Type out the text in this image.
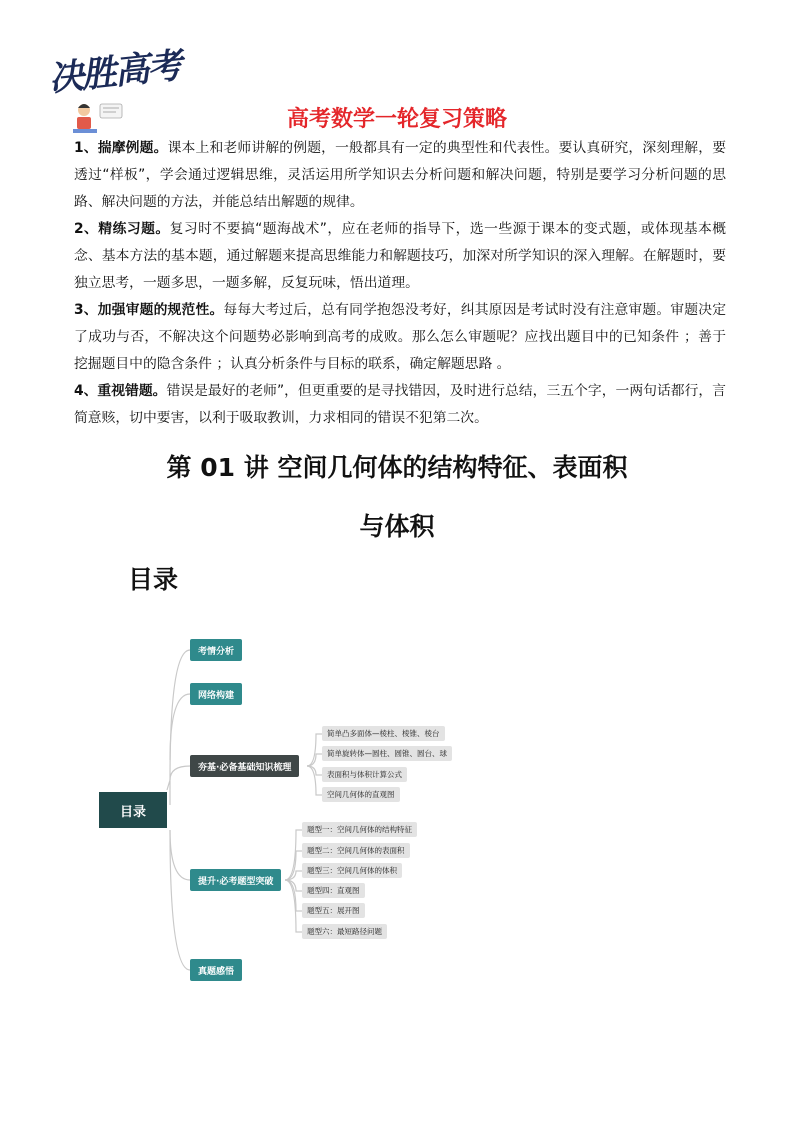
决胜高考
高考数学一轮复习策略

1、揣摩例题。课本上和老师讲解的例题，一般都具有一定的典型性和代表性。要认真研究，深刻理解，要透过“样板”，学会通过逻辑思维，灵活运用所学知识去分析问题和解决问题，特别是要学习分析问题的思路、解决问题的方法，并能总结出解题的规律。

2、精练习题。复习时不要搞“题海战术”，应在老师的指导下，选一些源于课本的变式题，或体现基本概念、基本方法的基本题，通过解题来提高思维能力和解题技巧，加深对所学知识的深入理解。在解题时，要独立思考，一题多思，一题多解，反复玩味，悟出道理。

3、加强审题的规范性。每每大考过后，总有同学抱怨没考好，纠其原因是考试时没有注意审题。审题决定了成功与否，不解决这个问题势必影响到高考的成败。那么怎么审题呢？应找出题目中的已知条件 ；善于挖掘题目中的隐含条件 ；认真分析条件与目标的联系，确定解题思路 。

4、重视错题。错误是最好的老师”，但更重要的是寻找错因，及时进行总结，三五个字，一两句话都行，言简意赅，切中要害，以利于吸取教训，力求相同的错误不犯第二次。

第 01 讲 空间几何体的结构特征、表面积
与体积
目录
目录
考情分析
网络构建
夯基·必备基础知识梳理
提升·必考题型突破
真题感悟
简单凸多面体—棱柱、棱锥、棱台
简单旋转体—圆柱、圆锥、圆台、球
表面积与体积计算公式
空间几何体的直观图
题型一：空间几何体的结构特征
题型二：空间几何体的表面积
题型三：空间几何体的体积
题型四：直观图
题型五：展开图
题型六：最短路径问题
